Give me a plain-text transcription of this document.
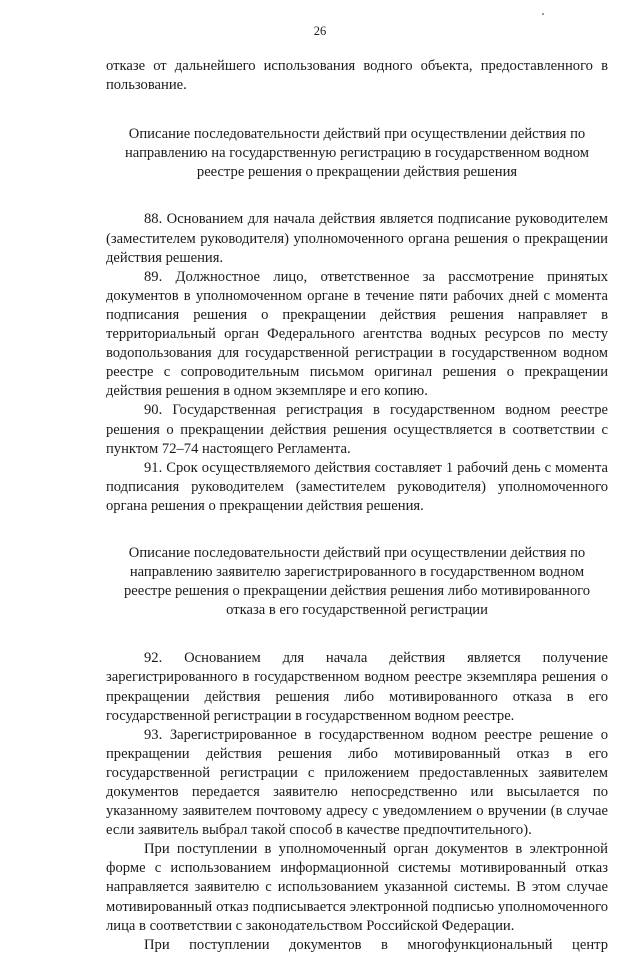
26

отказе от дальнейшего использования водного объекта, предоставленного в пользование.

Описание последовательности действий при осуществлении действия по направлению на государственную регистрацию в государственном водном реестре решения о прекращении действия решения

88. Основанием для начала действия является подписание руководителем (заместителем руководителя) уполномоченного органа решения о прекращении действия решения.

89. Должностное лицо, ответственное за рассмотрение принятых документов в уполномоченном органе в течение пяти рабочих дней с момента подписания решения о прекращении действия решения направляет в территориальный орган Федерального агентства водных ресурсов по месту водопользования для государственной регистрации в государственном водном реестре с сопроводительным письмом оригинал решения о прекращении действия решения в одном экземпляре и его копию.

90. Государственная регистрация в государственном водном реестре решения о прекращении действия решения осуществляется в соответствии с пунктом 72–74 настоящего Регламента.

91. Срок осуществляемого действия составляет 1 рабочий день с момента подписания руководителем (заместителем руководителя) уполномоченного органа решения о прекращении действия решения.

Описание последовательности действий при осуществлении действия по направлению заявителю зарегистрированного в государственном водном реестре решения о прекращении действия решения либо мотивированного отказа в его государственной регистрации

92. Основанием для начала действия является получение зарегистрированного в государственном водном реестре экземпляра решения о прекращении действия решения либо мотивированного отказа в его государственной регистрации в государственном водном реестре.

93. Зарегистрированное в государственном водном реестре решение о прекращении действия решения либо мотивированный отказ в его государственной регистрации с приложением предоставленных заявителем документов передается заявителю непосредственно или высылается по указанному заявителем почтовому адресу с уведомлением о вручении (в случае если заявитель выбрал такой способ в качестве предпочтительного).

При поступлении в уполномоченный орган документов в электронной форме с использованием информационной системы мотивированный отказ направляется заявителю с использованием указанной системы. В этом случае мотивированный отказ подписывается электронной подписью уполномоченного лица в соответствии с законодательством Российской Федерации.

При поступлении документов в многофункциональный центр
